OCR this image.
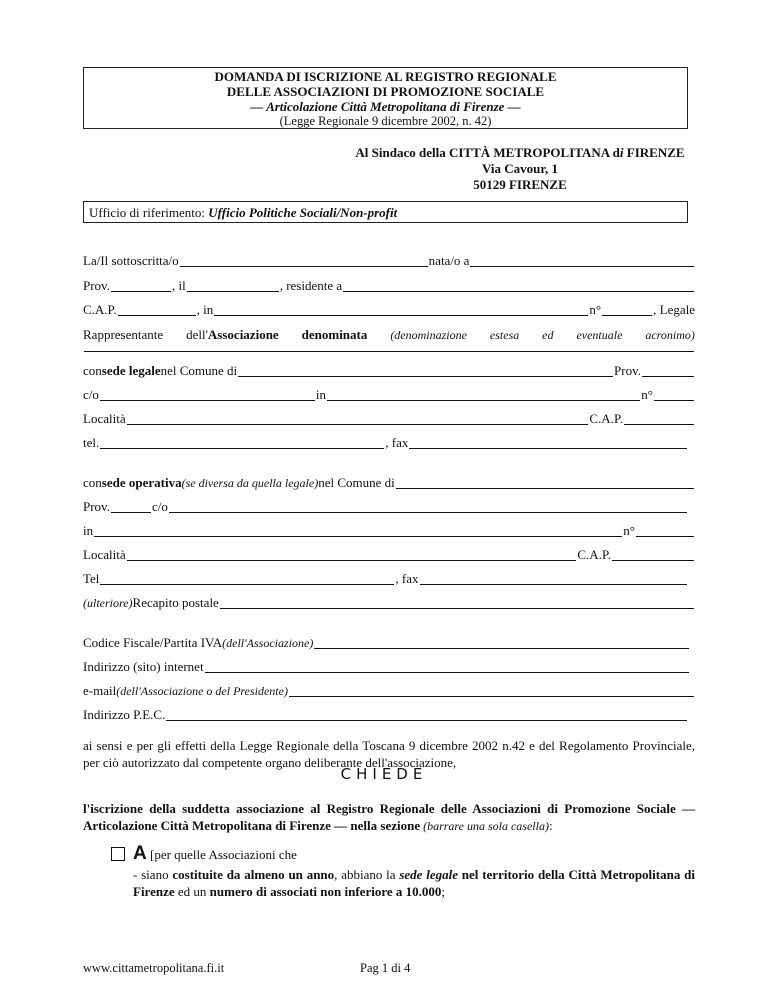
DOMANDA DI ISCRIZIONE AL REGISTRO REGIONALE
DELLE ASSOCIAZIONI DI PROMOZIONE SOCIALE
— Articolazione Città Metropolitana di Firenze —
(Legge Regionale 9 dicembre 2002, n. 42)
Al Sindaco della CITTÀ METROPOLITANA di FIRENZE
Via Cavour, 1
50129 FIRENZE
Ufficio di riferimento: Ufficio Politiche Sociali/Non-profit
La/Il sottoscritta/o	nata/o a
Prov.	, il	, residente a
C.A.P.	, in	n°	, Legale
Rappresentante dell'Associazione denominata (denominazione estesa ed eventuale acronimo)
con sede legale nel Comune di	Prov.
c/o	in	n°
Località	C.A.P.
tel.	, fax
con sede operativa (se diversa da quella legale) nel Comune di
Prov.	c/o
in	n°
Località	C.A.P.
Tel	, fax
(ulteriore) Recapito postale
Codice Fiscale/Partita IVA (dell'Associazione)
Indirizzo (sito) internet
e-mail (dell'Associazione o del Presidente)
Indirizzo P.E.C.
ai sensi e per gli effetti della Legge Regionale della Toscana 9 dicembre 2002 n.42 e del Regolamento Provinciale, per ciò autorizzato dal competente organo deliberante dell'associazione,
CHIEDE
l'iscrizione della suddetta associazione al Registro Regionale delle Associazioni di Promozione Sociale — Articolazione Città Metropolitana di Firenze — nella sezione (barrare una sola casella):
A [per quelle Associazioni che
- siano costituite da almeno un anno, abbiano la sede legale nel territorio della Città Metropolitana di Firenze ed un numero di associati non inferiore a 10.000;
www.cittametropolitana.fi.it	Pag 1 di 4
